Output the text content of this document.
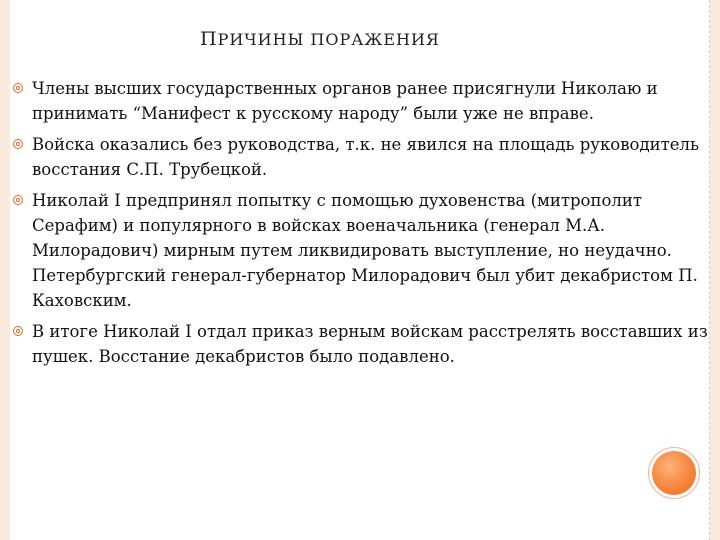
ПРИЧИНЫ ПОРАЖЕНИЯ
Члены высших государственных органов ранее присягнули Николаю и принимать “Манифест к русскому народу” были уже не вправе.
Войска оказались без руководства, т.к. не явился на площадь руководитель восстания С.П. Трубецкой.
Николай I предпринял попытку с помощью духовенства (митрополит Серафим) и популярного в войсках военачальника (генерал М.А. Милорадович) мирным путем ликвидировать выступление, но неудачно. Петербургский генерал-губернатор Милорадович был убит декабристом П. Каховским.
В итоге Николай I отдал приказ верным войскам расстрелять восставших из пушек. Восстание декабристов было подавлено.
